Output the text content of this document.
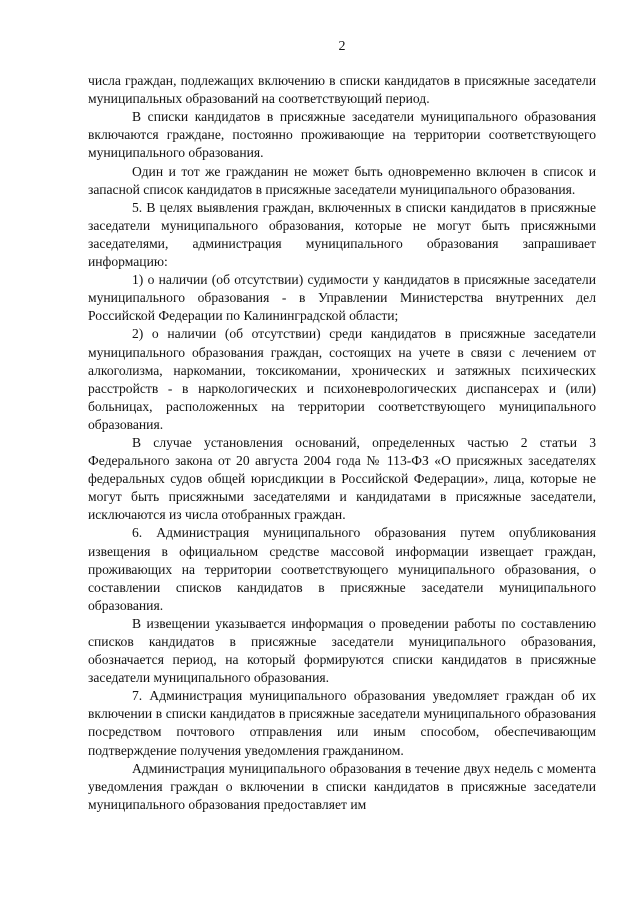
2

числа граждан, подлежащих включению в списки кандидатов в присяжные заседатели муниципальных образований на соответствующий период.

В списки кандидатов в присяжные заседатели муниципального образования включаются граждане, постоянно проживающие на территории соответствующего муниципального образования.

Один и тот же гражданин не может быть одновременно включен в список и запасной список кандидатов в присяжные заседатели муниципального образования.

5. В целях выявления граждан, включенных в списки кандидатов в присяжные заседатели муниципального образования, которые не могут быть присяжными заседателями, администрация муниципального образования запрашивает информацию:

1) о наличии (об отсутствии) судимости у кандидатов в присяжные заседатели муниципального образования - в Управлении Министерства внутренних дел Российской Федерации по Калининградской области;

2) о наличии (об отсутствии) среди кандидатов в присяжные заседатели муниципального образования граждан, состоящих на учете в связи с лечением от алкоголизма, наркомании, токсикомании, хронических и затяжных психических расстройств - в наркологических и психоневрологических диспансерах и (или) больницах, расположенных на территории соответствующего муниципального образования.

В случае установления оснований, определенных частью 2 статьи 3 Федерального закона от 20 августа 2004 года № 113-ФЗ «О присяжных заседателях федеральных судов общей юрисдикции в Российской Федерации», лица, которые не могут быть присяжными заседателями и кандидатами в присяжные заседатели, исключаются из числа отобранных граждан.

6. Администрация муниципального образования путем опубликования извещения в официальном средстве массовой информации извещает граждан, проживающих на территории соответствующего муниципального образования, о составлении списков кандидатов в присяжные заседатели муниципального образования.

В извещении указывается информация о проведении работы по составлению списков кандидатов в присяжные заседатели муниципального образования, обозначается период, на который формируются списки кандидатов в присяжные заседатели муниципального образования.

7. Администрация муниципального образования уведомляет граждан об их включении в списки кандидатов в присяжные заседатели муниципального образования посредством почтового отправления или иным способом, обеспечивающим подтверждение получения уведомления гражданином.

Администрация муниципального образования в течение двух недель с момента уведомления граждан о включении в списки кандидатов в присяжные заседатели муниципального образования предоставляет им
